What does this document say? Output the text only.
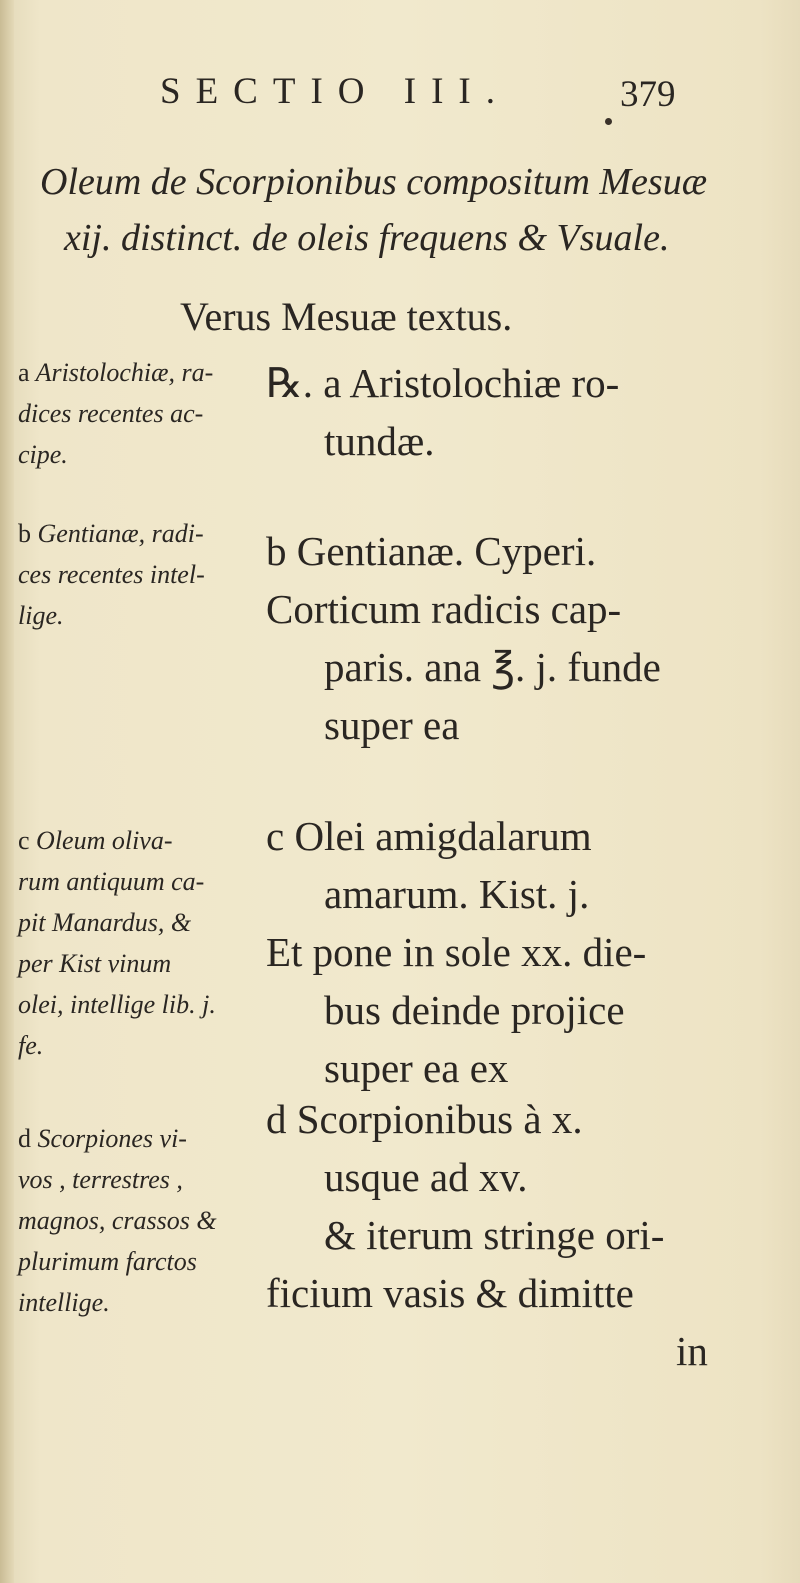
SECTIO III.	379
Oleum de Scorpionibus compositum Mesuæ
xij. distinct. de oleis frequens & Vsuale.
Verus Mesuæ textus.
a Aristolochiæ, ra-
dices recentes ac-
cipe.
b Gentianæ, radi-
ces recentes intel-
lige.
c Oleum oliva-
rum antiquum ca-
pit Manardus, &
per Kist vinum
olei, intellige lib. j.
fe.
d Scorpiones vi-
vos , terrestres ,
magnos, crassos &
plurimum farctos
intellige.
℞. a Aristolochiæ ro-
tundæ.
b Gentianæ. Cyperi.
Corticum radicis cap-
paris. ana ℥. j. funde
super ea
c Olei amigdalarum
amarum. Kist. j.
Et pone in sole xx. die-
bus deinde projice
super ea ex
d Scorpionibus à x.
usque ad xv.
& iterum stringe ori-
ficium vasis & dimitte
in
